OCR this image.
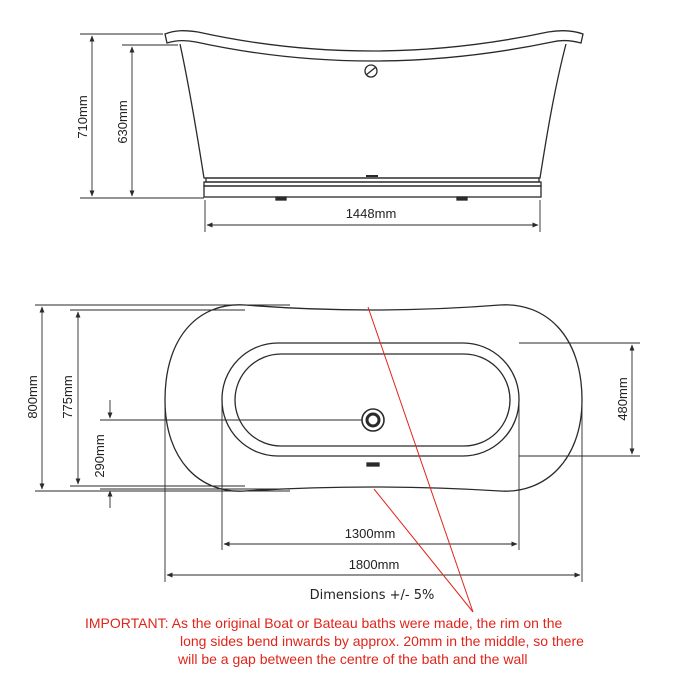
710mm 630mm
1448mm
800mm 775mm
290mm
480mm
1300mm
1800mm
Dimensions +/- 5%
IMPORTANT: As the original Boat or Bateau baths were made, the rim on the
long sides bend inwards by approx. 20mm in the middle, so there
will be a gap between the centre of the bath and the wall
